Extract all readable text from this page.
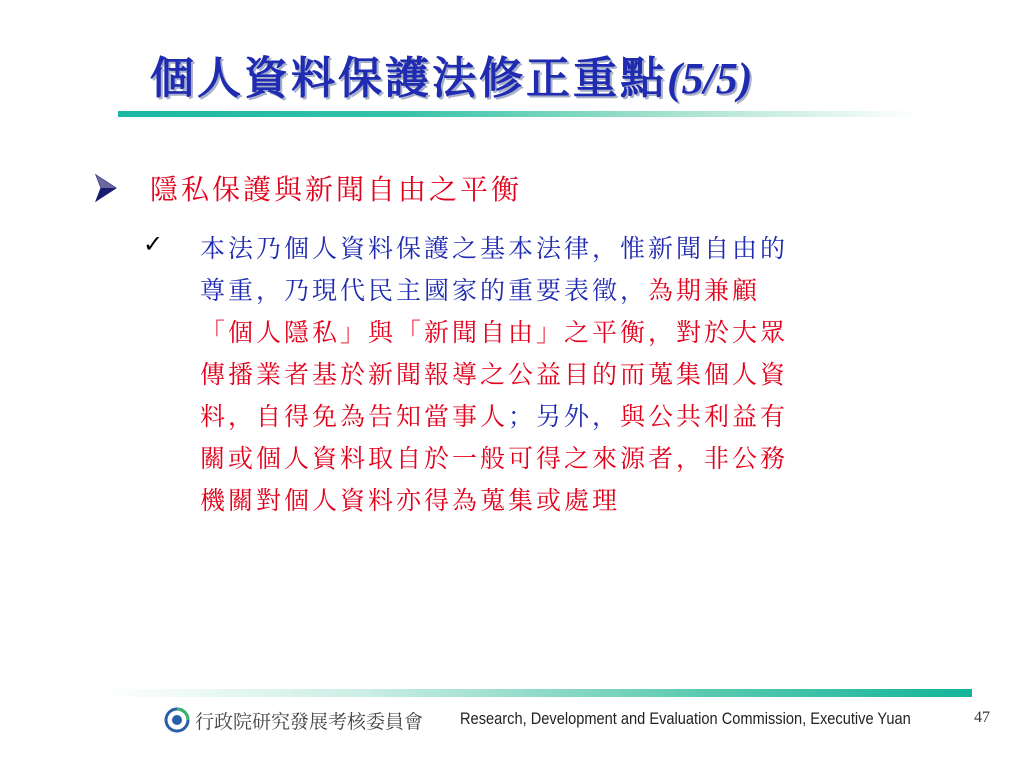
個人資料保護法修正重點(5/5)
隱私保護與新聞自由之平衡
✓ 本法乃個人資料保護之基本法律，惟新聞自由的
尊重，乃現代民主國家的重要表徵，為期兼顧
「個人隱私」與「新聞自由」之平衡，對於大眾
傳播業者基於新聞報導之公益目的而蒐集個人資
料，自得免為告知當事人；另外，與公共利益有
關或個人資料取自於一般可得之來源者，非公務
機關對個人資料亦得為蒐集或處理
行政院研究發展考核委員會 Research, Development and Evaluation Commission, Executive Yuan	47
